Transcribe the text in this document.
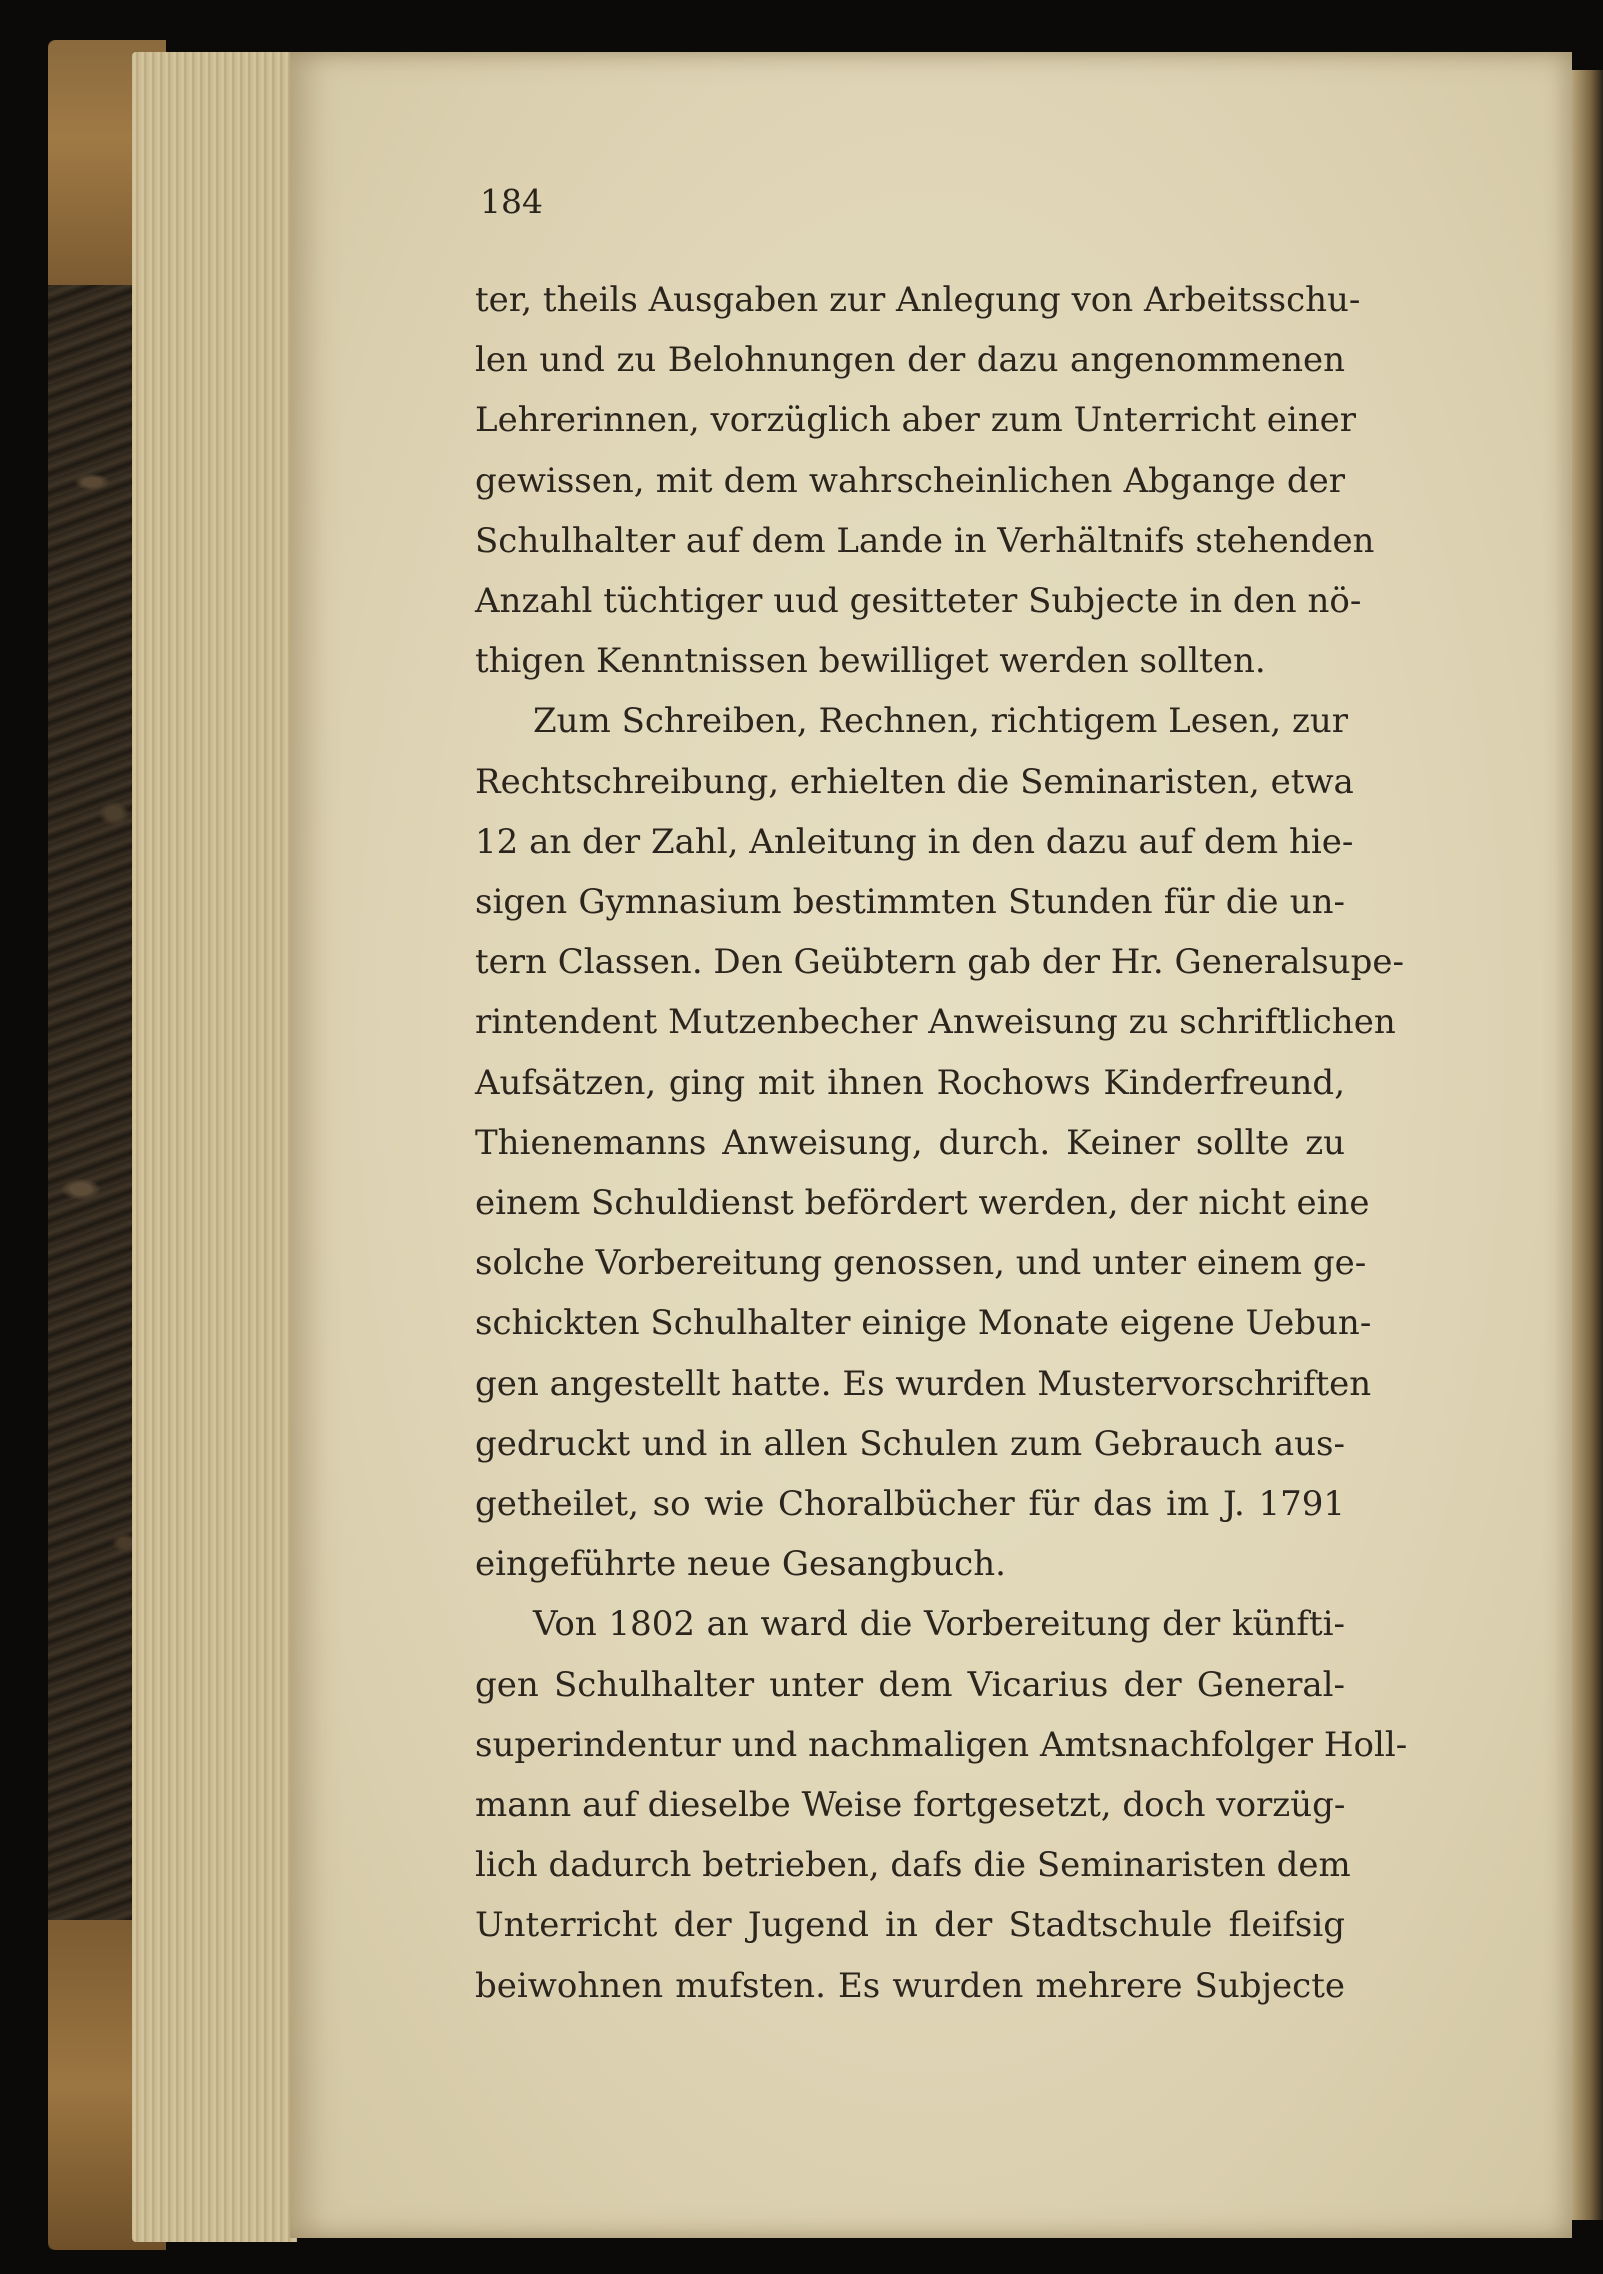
184

ter, theils Ausgaben zur Anlegung von Arbeitsschu-
len und zu Belohnungen der dazu angenommenen
Lehrerinnen, vorzüglich aber zum Unterricht einer
gewissen, mit dem wahrscheinlichen Abgange der
Schulhalter auf dem Lande in Verhältnifs stehenden
Anzahl tüchtiger uud gesitteter Subjecte in den nö-
thigen Kenntnissen bewilliget werden sollten.
Zum Schreiben, Rechnen, richtigem Lesen, zur
Rechtschreibung, erhielten die Seminaristen, etwa
12 an der Zahl, Anleitung in den dazu auf dem hie-
sigen Gymnasium bestimmten Stunden für die un-
tern Classen. Den Geübtern gab der Hr. Generalsupe-
rintendent Mutzenbecher Anweisung zu schriftlichen
Aufsätzen, ging mit ihnen Rochows Kinderfreund,
Thienemanns Anweisung, durch. Keiner sollte zu
einem Schuldienst befördert werden, der nicht eine
solche Vorbereitung genossen, und unter einem ge-
schickten Schulhalter einige Monate eigene Uebun-
gen angestellt hatte. Es wurden Mustervorschriften
gedruckt und in allen Schulen zum Gebrauch aus-
getheilet, so wie Choralbücher für das im J. 1791
eingeführte neue Gesangbuch.
Von 1802 an ward die Vorbereitung der künfti-
gen Schulhalter unter dem Vicarius der General-
superindentur und nachmaligen Amtsnachfolger Holl-
mann auf dieselbe Weise fortgesetzt, doch vorzüg-
lich dadurch betrieben, dafs die Seminaristen dem
Unterricht der Jugend in der Stadtschule fleifsig
beiwohnen mufsten. Es wurden mehrere Subjecte
